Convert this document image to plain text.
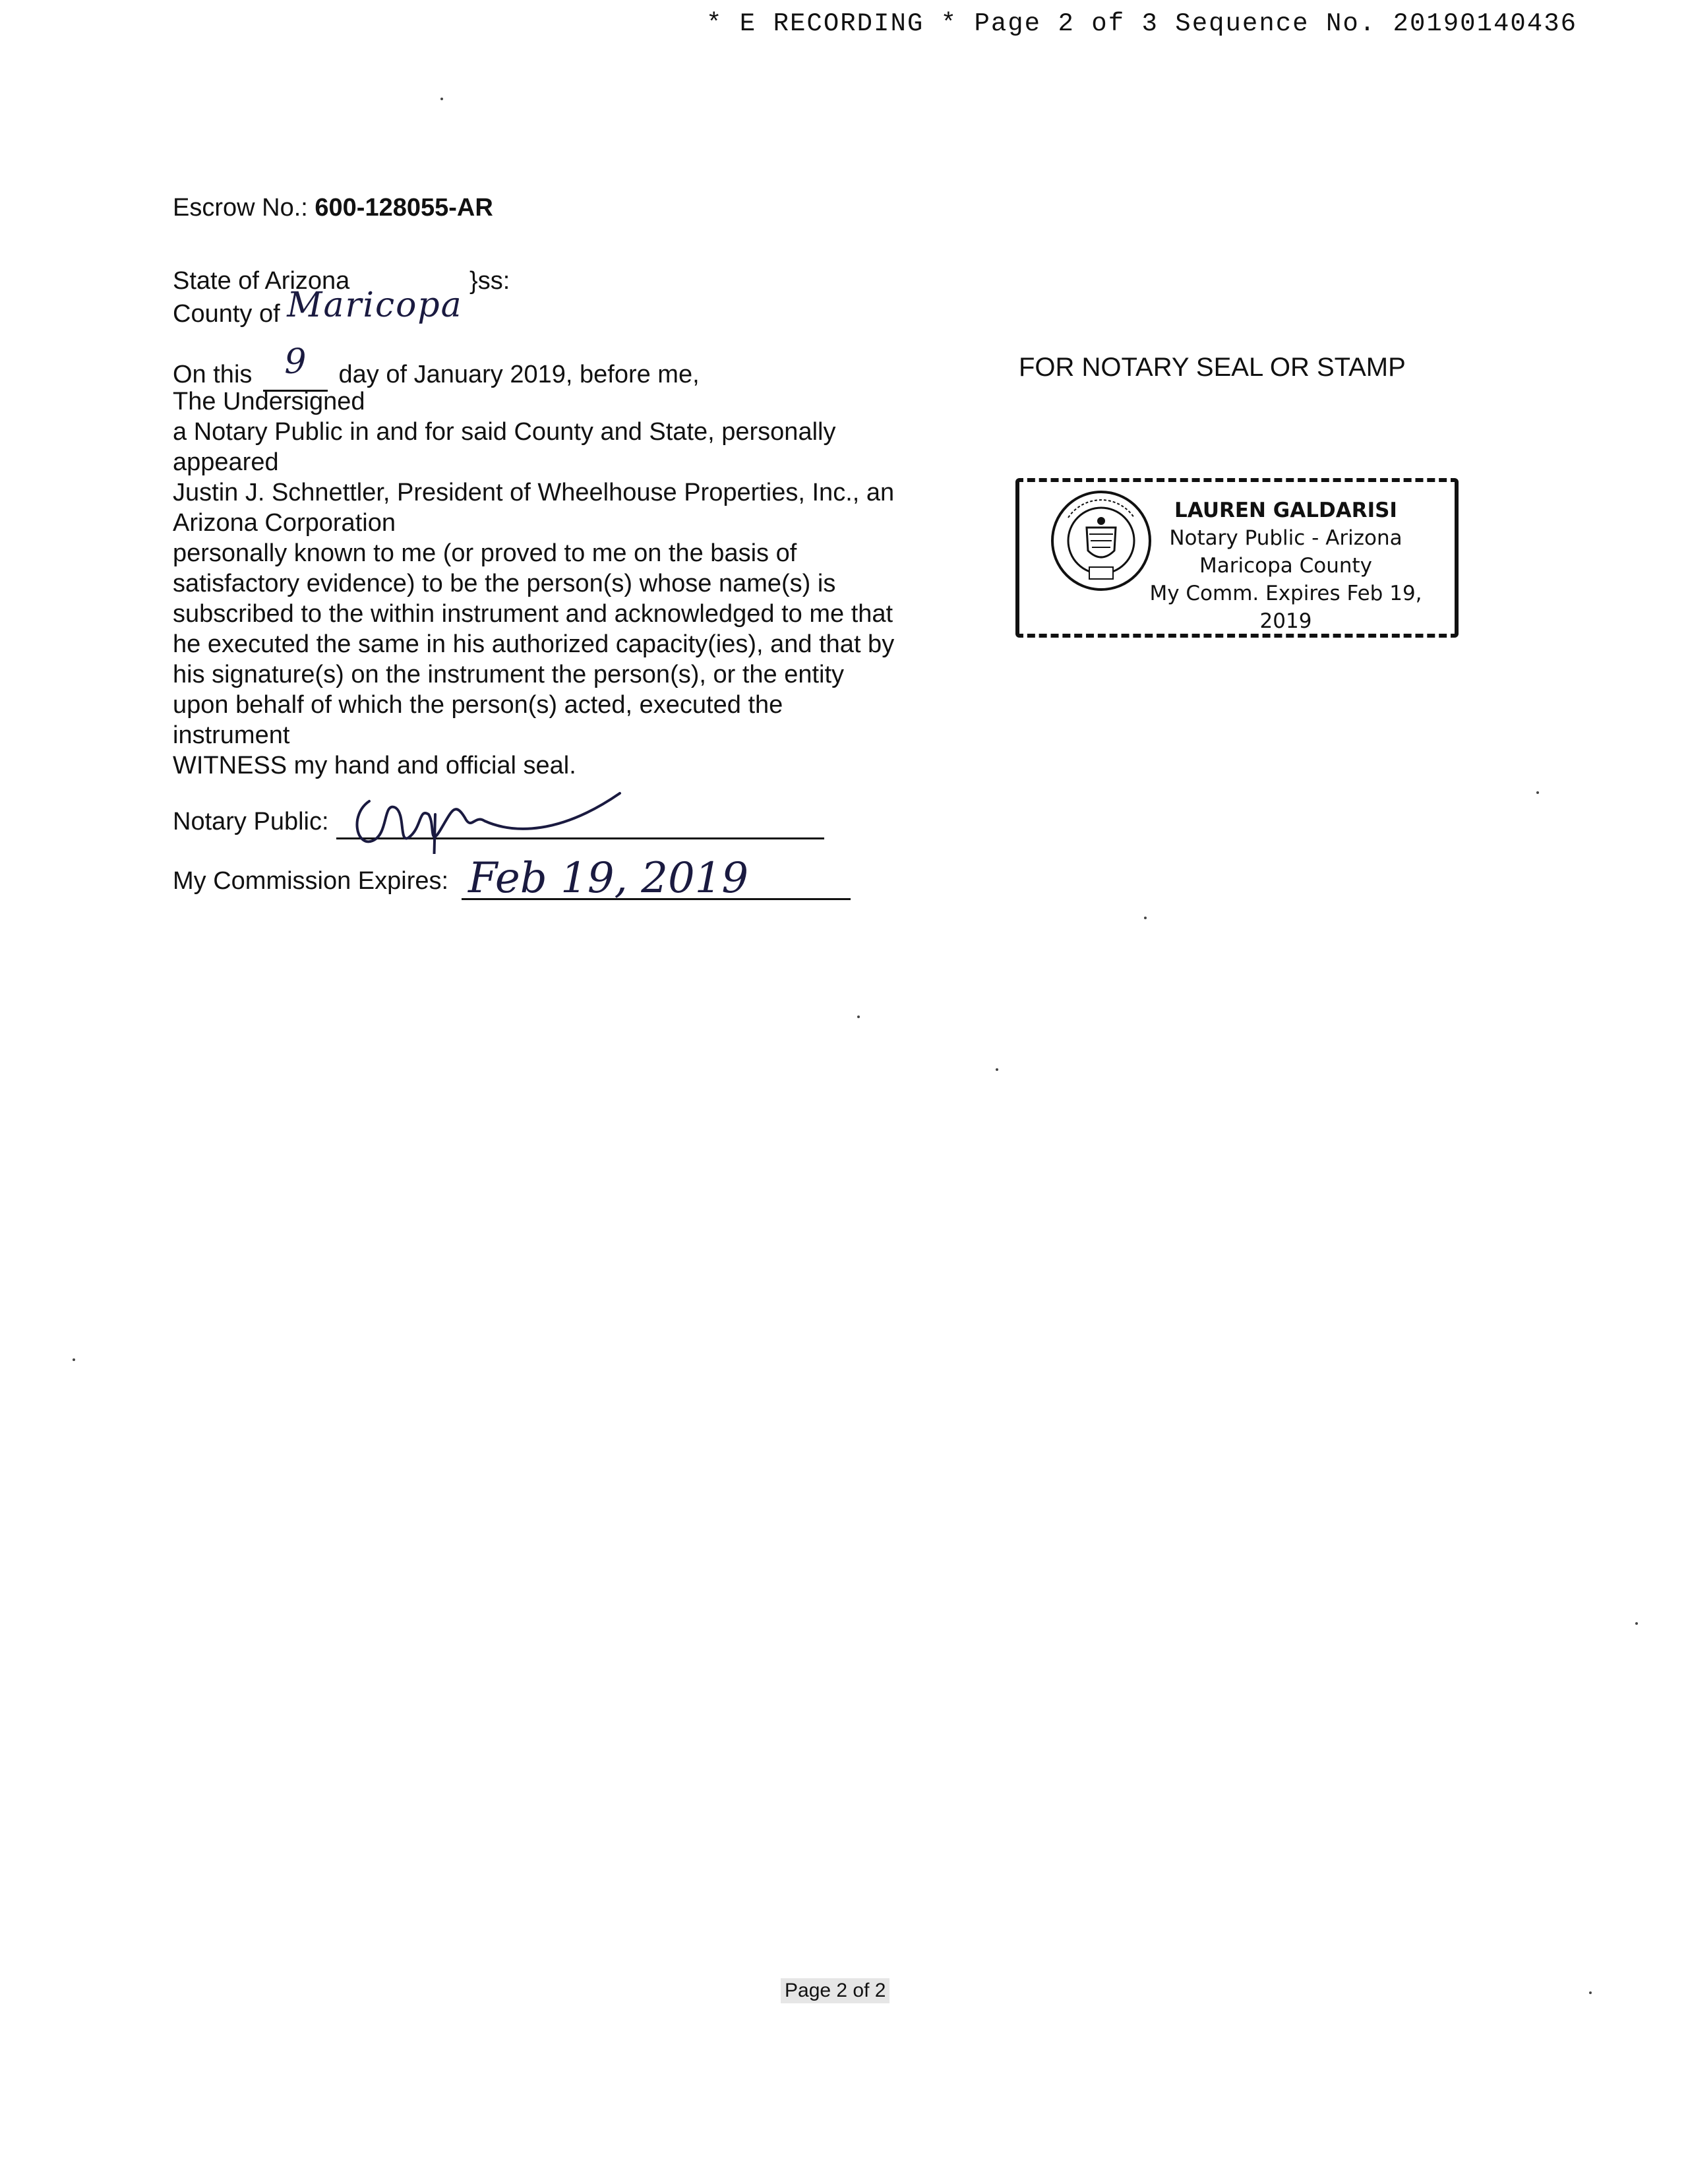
* E RECORDING * Page 2 of 3 Sequence No. 20190140436
Escrow No.: 600-128055-AR
State of Arizona	}ss:
County of Maricopa
On this 9 day of January 2019, before me,
The Undersigned
a Notary Public in and for said County and State, personally
appeared
Justin J. Schnettler, President of Wheelhouse Properties, Inc., an
Arizona Corporation
personally known to me (or proved to me on the basis of
satisfactory evidence) to be the person(s) whose name(s) is
subscribed to the within instrument and acknowledged to me that
he executed the same in his authorized capacity(ies), and that by
his signature(s) on the instrument the person(s), or the entity
upon behalf of which the person(s) acted, executed the
instrument
WITNESS my hand and official seal.
Notary Public:
My Commission Expires: Feb 19, 2019
FOR NOTARY SEAL OR STAMP
LAUREN GALDARISI
Notary Public - Arizona
Maricopa County
My Comm. Expires Feb 19, 2019
Page 2 of 2
